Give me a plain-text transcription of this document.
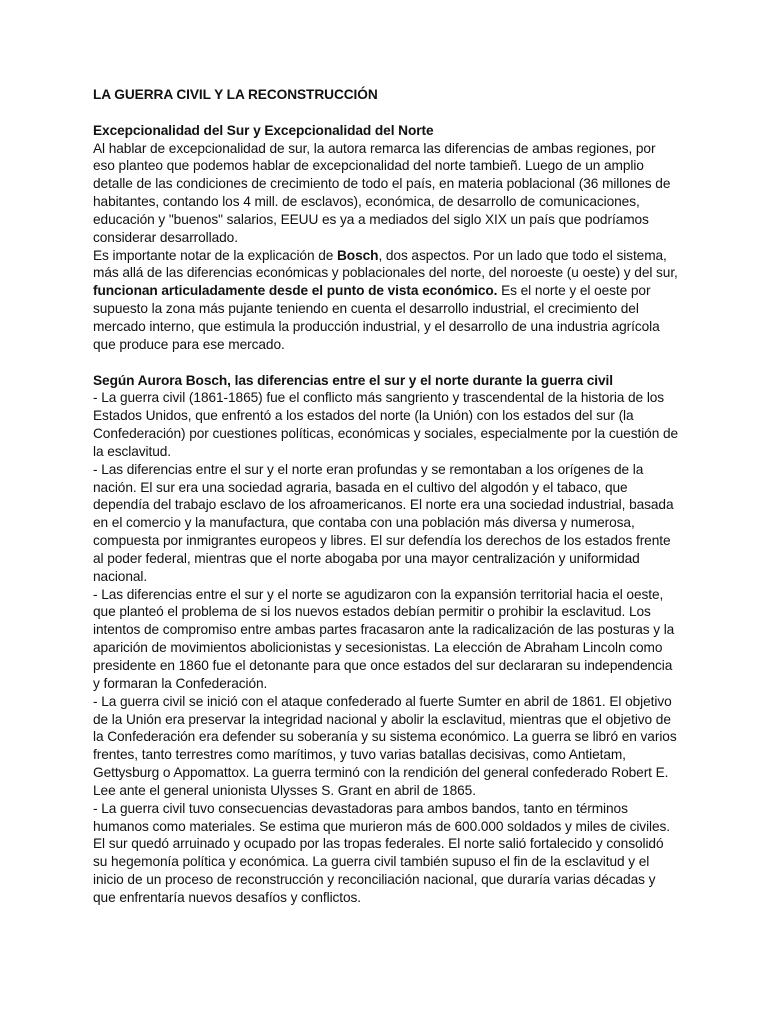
LA GUERRA CIVIL Y LA RECONSTRUCCIÓN

Excepcionalidad del Sur y Excepcionalidad del Norte

Al hablar de excepcionalidad de sur, la autora remarca las diferencias de ambas regiones, por eso planteo que podemos hablar de excepcionalidad del norte tambieñ. Luego de un amplio detalle de las condiciones de crecimiento de todo el país, en materia poblacional (36 millones de habitantes, contando los 4 mill. de esclavos), económica, de desarrollo de comunicaciones, educación y "buenos" salarios, EEUU es ya a mediados del siglo XIX un país que podríamos considerar desarrollado.

Es importante notar de la explicación de Bosch, dos aspectos. Por un lado que todo el sistema, más allá de las diferencias económicas y poblacionales del norte, del noroeste (u oeste) y del sur, funcionan articuladamente desde el punto de vista económico. Es el norte y el oeste por supuesto la zona más pujante teniendo en cuenta el desarrollo industrial, el crecimiento del mercado interno, que estimula la producción industrial, y el desarrollo de una industria agrícola que produce para ese mercado.

Según Aurora Bosch, las diferencias entre el sur y el norte durante la guerra civil

- La guerra civil (1861-1865) fue el conflicto más sangriento y trascendental de la historia de los Estados Unidos, que enfrentó a los estados del norte (la Unión) con los estados del sur (la Confederación) por cuestiones políticas, económicas y sociales, especialmente por la cuestión de la esclavitud.

- Las diferencias entre el sur y el norte eran profundas y se remontaban a los orígenes de la nación. El sur era una sociedad agraria, basada en el cultivo del algodón y el tabaco, que dependía del trabajo esclavo de los afroamericanos. El norte era una sociedad industrial, basada en el comercio y la manufactura, que contaba con una población más diversa y numerosa, compuesta por inmigrantes europeos y libres. El sur defendía los derechos de los estados frente al poder federal, mientras que el norte abogaba por una mayor centralización y uniformidad nacional.

- Las diferencias entre el sur y el norte se agudizaron con la expansión territorial hacia el oeste, que planteó el problema de si los nuevos estados debían permitir o prohibir la esclavitud. Los intentos de compromiso entre ambas partes fracasaron ante la radicalización de las posturas y la aparición de movimientos abolicionistas y secesionistas. La elección de Abraham Lincoln como presidente en 1860 fue el detonante para que once estados del sur declararan su independencia y formaran la Confederación.

- La guerra civil se inició con el ataque confederado al fuerte Sumter en abril de 1861. El objetivo de la Unión era preservar la integridad nacional y abolir la esclavitud, mientras que el objetivo de la Confederación era defender su soberanía y su sistema económico. La guerra se libró en varios frentes, tanto terrestres como marítimos, y tuvo varias batallas decisivas, como Antietam, Gettysburg o Appomattox. La guerra terminó con la rendición del general confederado Robert E. Lee ante el general unionista Ulysses S. Grant en abril de 1865.

- La guerra civil tuvo consecuencias devastadoras para ambos bandos, tanto en términos humanos como materiales. Se estima que murieron más de 600.000 soldados y miles de civiles. El sur quedó arruinado y ocupado por las tropas federales. El norte salió fortalecido y consolidó su hegemonía política y económica. La guerra civil también supuso el fin de la esclavitud y el inicio de un proceso de reconstrucción y reconciliación nacional, que duraría varias décadas y que enfrentaría nuevos desafíos y conflictos.
